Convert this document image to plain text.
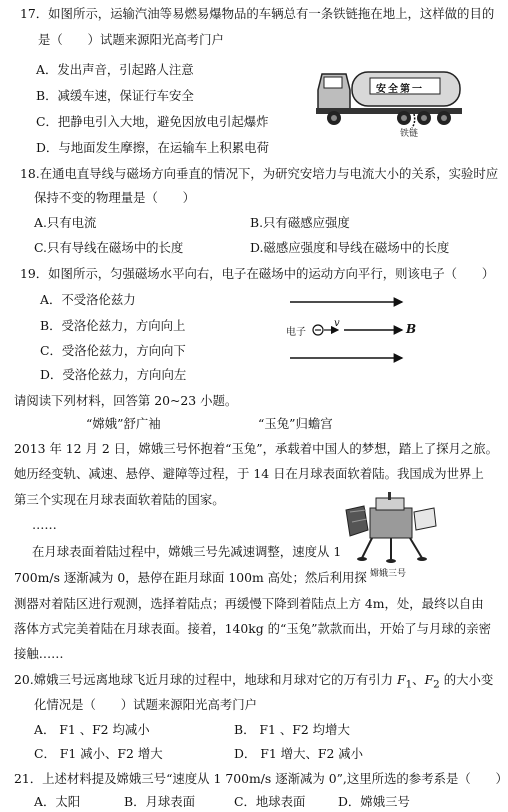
17．如图所示，运输汽油等易燃易爆物品的车辆总有一条铁链拖在地上，这样做的目的
是（　　）试题来源阳光高考门户
A．发出声音，引起路人注意
B．减缓车速，保证行车安全
C．把静电引入大地，避免因放电引起爆炸
D．与地面发生摩擦，在运输车上积累电荷
安全第一
铁链
18.在通电直导线与磁场方向垂直的情况下，为研究安培力与电流大小的关系，实验时应
保持不变的物理量是（　　）
A.只有电流	B.只有磁感应强度
C.只有导线在磁场中的长度	D.磁感应强度和导线在磁场中的长度
19．如图所示，匀强磁场水平向右，电子在磁场中的运动方向平行，则该电子（　　）
A．不受洛伦兹力
B．受洛伦兹力，方向向上
C．受洛伦兹力，方向向下
D．受洛伦兹力，方向向左
电子
v	B
请阅读下列材料，回答第 20~23 小题。
“嫦娥”舒广袖	“玉兔”归蟾宫
2013 年 12 月 2 日，嫦娥三号怀抱着“玉兔”，承载着中国人的梦想，踏上了探月之旅。
她历经变轨、减速、悬停、避障等过程，于 14 日在月球表面软着陆。我国成为世界上
第三个实现在月球表面软着陆的国家。
……
在月球表面着陆过程中，嫦娥三号先减速调整，速度从 1
700m/s 逐渐减为 0，悬停在距月球面 100m 高处；然后利用探
测器对着陆区进行观测，选择着陆点；再缓慢下降到着陆点上方 4m，处，最终以自由
落体方式完美着陆在月球表面。接着，140kg 的“玉兔”款款而出，开始了与月球的亲密
接触……
嫦娥三号
20.嫦娥三号远离地球飞近月球的过程中，地球和月球对它的万有引力 $F_1$、$F_2$ 的大小变
化情况是（　　）试题来源阳光高考门户
A． F1 、F2 均减小	B． F1 、F2 均增大
C． F1 减小、F2 增大	D． F1 增大、F2 减小
21．上述材料提及嫦娥三号“速度从 1 700m/s 逐渐减为 0”,这里所选的参考系是（　　）
A．太阳	B．月球表面	C．地球表面	D．嫦娥三号
